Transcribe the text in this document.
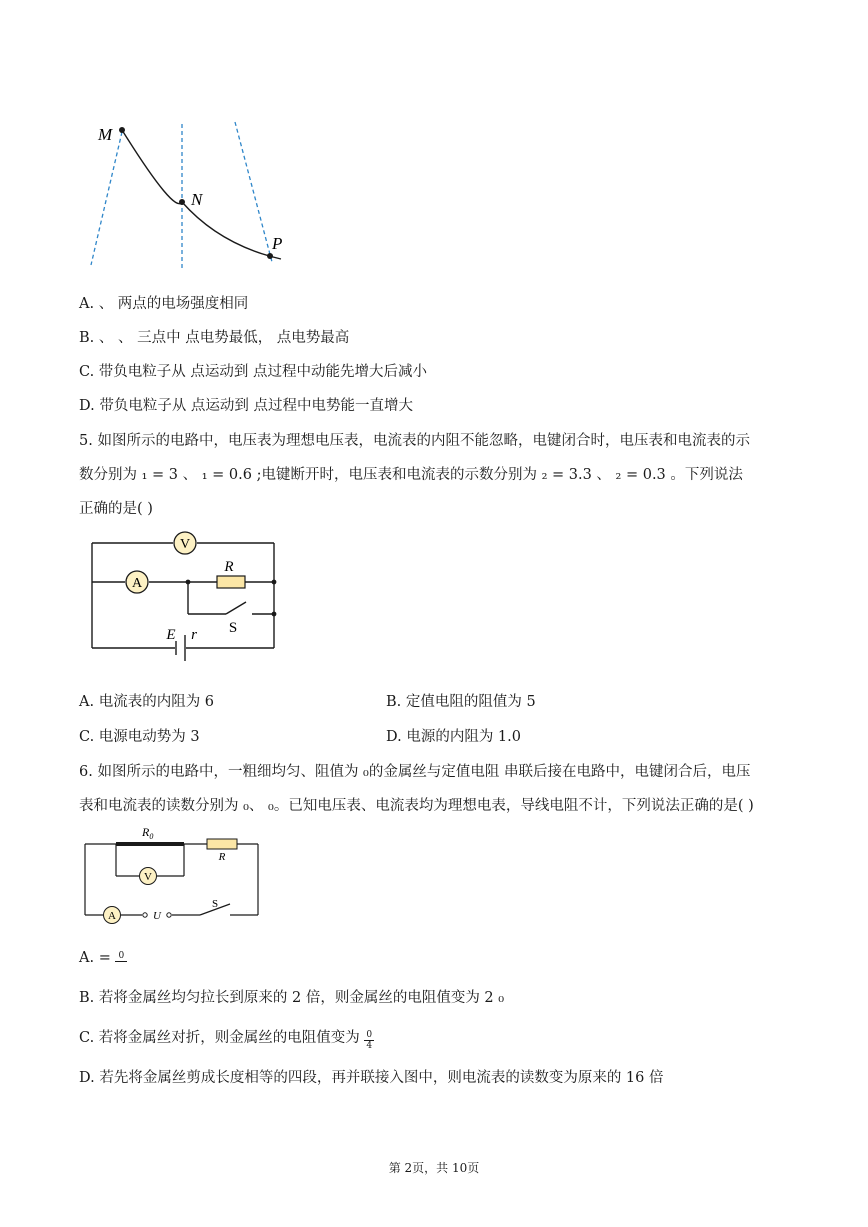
M
N
P
A. 、 两点的电场强度相同
B. 、 、 三点中 点电势最低， 点电势最高
C. 带负电粒子从 点运动到 点过程中动能先增大后减小
D. 带负电粒子从 点运动到 点过程中电势能一直增大
5. 如图所示的电路中，电压表为理想电压表，电流表的内阻不能忽略，电键闭合时，电压表和电流表的示
数分别为 ₁ = 3 、 ₁ = 0.6 ;电键断开时，电压表和电流表的示数分别为 ₂ = 3.3 、 ₂ = 0.3 。下列说法
正确的是( )
V
A
R
S
E r
A. 电流表的内阻为 6	B. 定值电阻的阻值为 5
C. 电源电动势为 3	D. 电源的内阻为 1.0
6. 如图所示的电路中，一粗细均匀、阻值为 ₀的金属丝与定值电阻 串联后接在电路中，电键闭合后，电压
表和电流表的读数分别为 ₀、 ₀。已知电压表、电流表均为理想电表，导线电阻不计，下列说法正确的是( )
$R_0$
R
V
A	U
S
A. = 0
B. 若将金属丝均匀拉长到原来的 2 倍，则金属丝的电阻值变为 2 ₀
C. 若将金属丝对折，则金属丝的电阻值变为 $\frac{0}{4}$
D. 若先将金属丝剪成长度相等的四段，再并联接入图中，则电流表的读数变为原来的 16 倍
第 2页，共 10页
